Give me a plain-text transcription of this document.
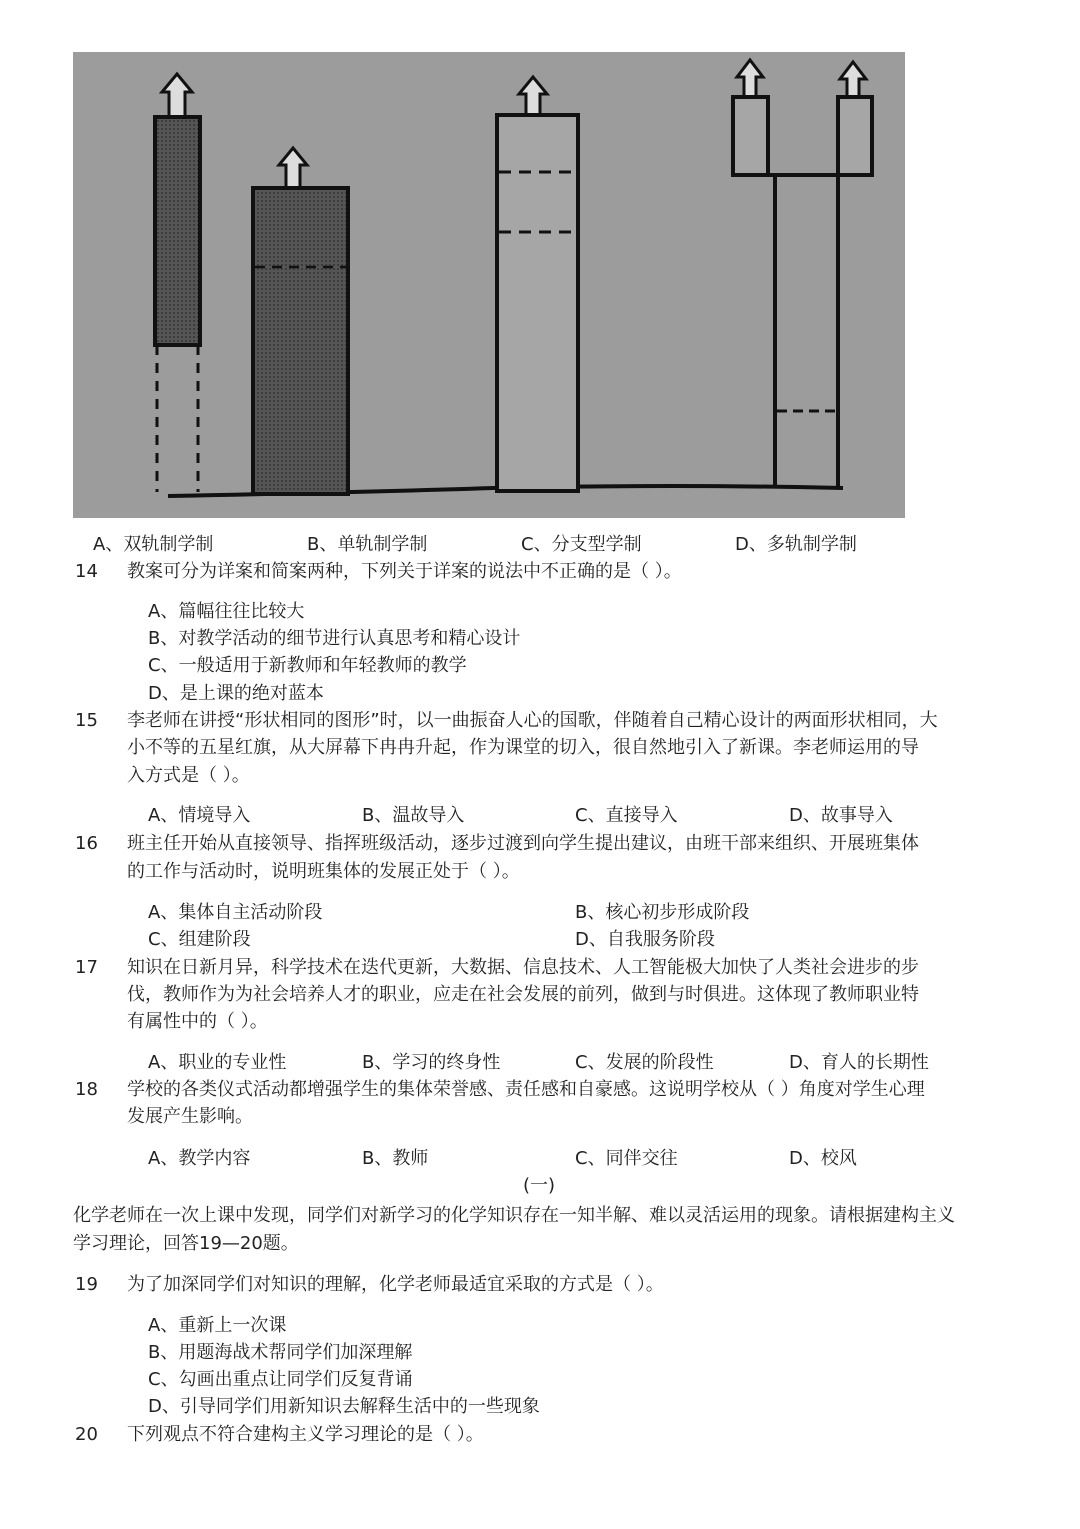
A、双轨制学制	B、单轨制学制	C、分支型学制	D、多轨制学制
14 教案可分为详案和简案两种，下列关于详案的说法中不正确的是（ ）。
A、篇幅往往比较大
B、对教学活动的细节进行认真思考和精心设计
C、一般适用于新教师和年轻教师的教学
D、是上课的绝对蓝本
15 李老师在讲授“形状相同的图形”时，以一曲振奋人心的国歌，伴随着自己精心设计的两面形状相同，大
小不等的五星红旗，从大屏幕下冉冉升起，作为课堂的切入，很自然地引入了新课。李老师运用的导
入方式是（ ）。
A、情境导入	B、温故导入	C、直接导入	D、故事导入
16 班主任开始从直接领导、指挥班级活动，逐步过渡到向学生提出建议，由班干部来组织、开展班集体
的工作与活动时，说明班集体的发展正处于（ ）。
A、集体自主活动阶段	B、核心初步形成阶段
C、组建阶段	D、自我服务阶段
17 知识在日新月异，科学技术在迭代更新，大数据、信息技术、人工智能极大加快了人类社会进步的步
伐，教师作为为社会培养人才的职业，应走在社会发展的前列，做到与时俱进。这体现了教师职业特
有属性中的（ ）。
A、职业的专业性	B、学习的终身性	C、发展的阶段性	D、育人的长期性
18 学校的各类仪式活动都增强学生的集体荣誉感、责任感和自豪感。这说明学校从（ ）角度对学生心理
发展产生影响。
A、教学内容	B、教师	C、同伴交往	D、校风
(一)
化学老师在一次上课中发现，同学们对新学习的化学知识存在一知半解、难以灵活运用的现象。请根据建构主义
学习理论，回答19—20题。
19 为了加深同学们对知识的理解，化学老师最适宜采取的方式是（ ）。
A、重新上一次课
B、用题海战术帮同学们加深理解
C、勾画出重点让同学们反复背诵
D、引导同学们用新知识去解释生活中的一些现象
20 下列观点不符合建构主义学习理论的是（ ）。
